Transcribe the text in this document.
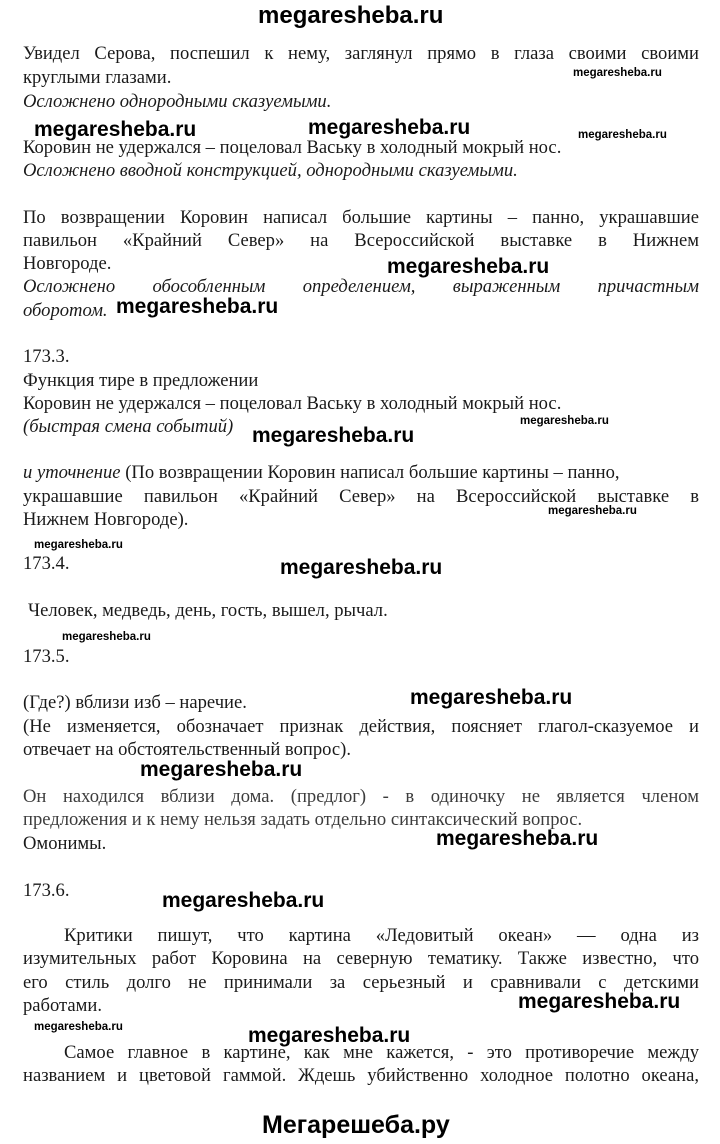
megaresheba.ru
Увидел Серова, поспешил к нему, заглянул прямо в глаза своими своими
круглыми глазами.
Осложнено однородными сказуемыми.
Коровин не удержался – поцеловал Ваську в холодный мокрый нос.
Осложнено вводной конструкцией, однородными сказуемыми.
По возвращении Коровин написал большие картины – панно, украшавшие
павильон «Крайний Север» на Всероссийской выставке в Нижнем
Новгороде.
Осложнено обособленным определением, выраженным причастным
оборотом.
173.3.
Функция тире в предложении
Коровин не удержался – поцеловал Ваську в холодный мокрый нос.
(быстрая смена событий)
и уточнение (По возвращении Коровин написал большие картины – панно,
украшавшие павильон «Крайний Север» на Всероссийской выставке в
Нижнем Новгороде).
173.4.
Человек, медведь, день, гость, вышел, рычал.
173.5.
(Где?) вблизи изб – наречие.
(Не изменяется, обозначает признак действия, поясняет глагол-сказуемое и
отвечает на обстоятельственный вопрос).
Он находился вблизи дома. (предлог) - в одиночку не является членом
предложения и к нему нельзя задать отдельно синтаксический вопрос.
Омонимы.
173.6.
Критики пишут, что картина «Ледовитый океан» — одна из
изумительных работ Коровина на северную тематику. Также известно, что
его стиль долго не принимали за серьезный и сравнивали с детскими
работами.
Самое главное в картине, как мне кажется, - это противоречие между
названием и цветовой гаммой. Ждешь убийственно холодное полотно океана,
megaresheba.ru
megaresheba.ru	megaresheba.ru	megaresheba.ru
megaresheba.ru
megaresheba.ru
megaresheba.ru
megaresheba.ru
megaresheba.ru
megaresheba.ru
megaresheba.ru
megaresheba.ru
megaresheba.ru
megaresheba.ru
megaresheba.ru
megaresheba.ru
megaresheba.ru
megaresheba.ru	megaresheba.ru
Мегарешеба.ру
